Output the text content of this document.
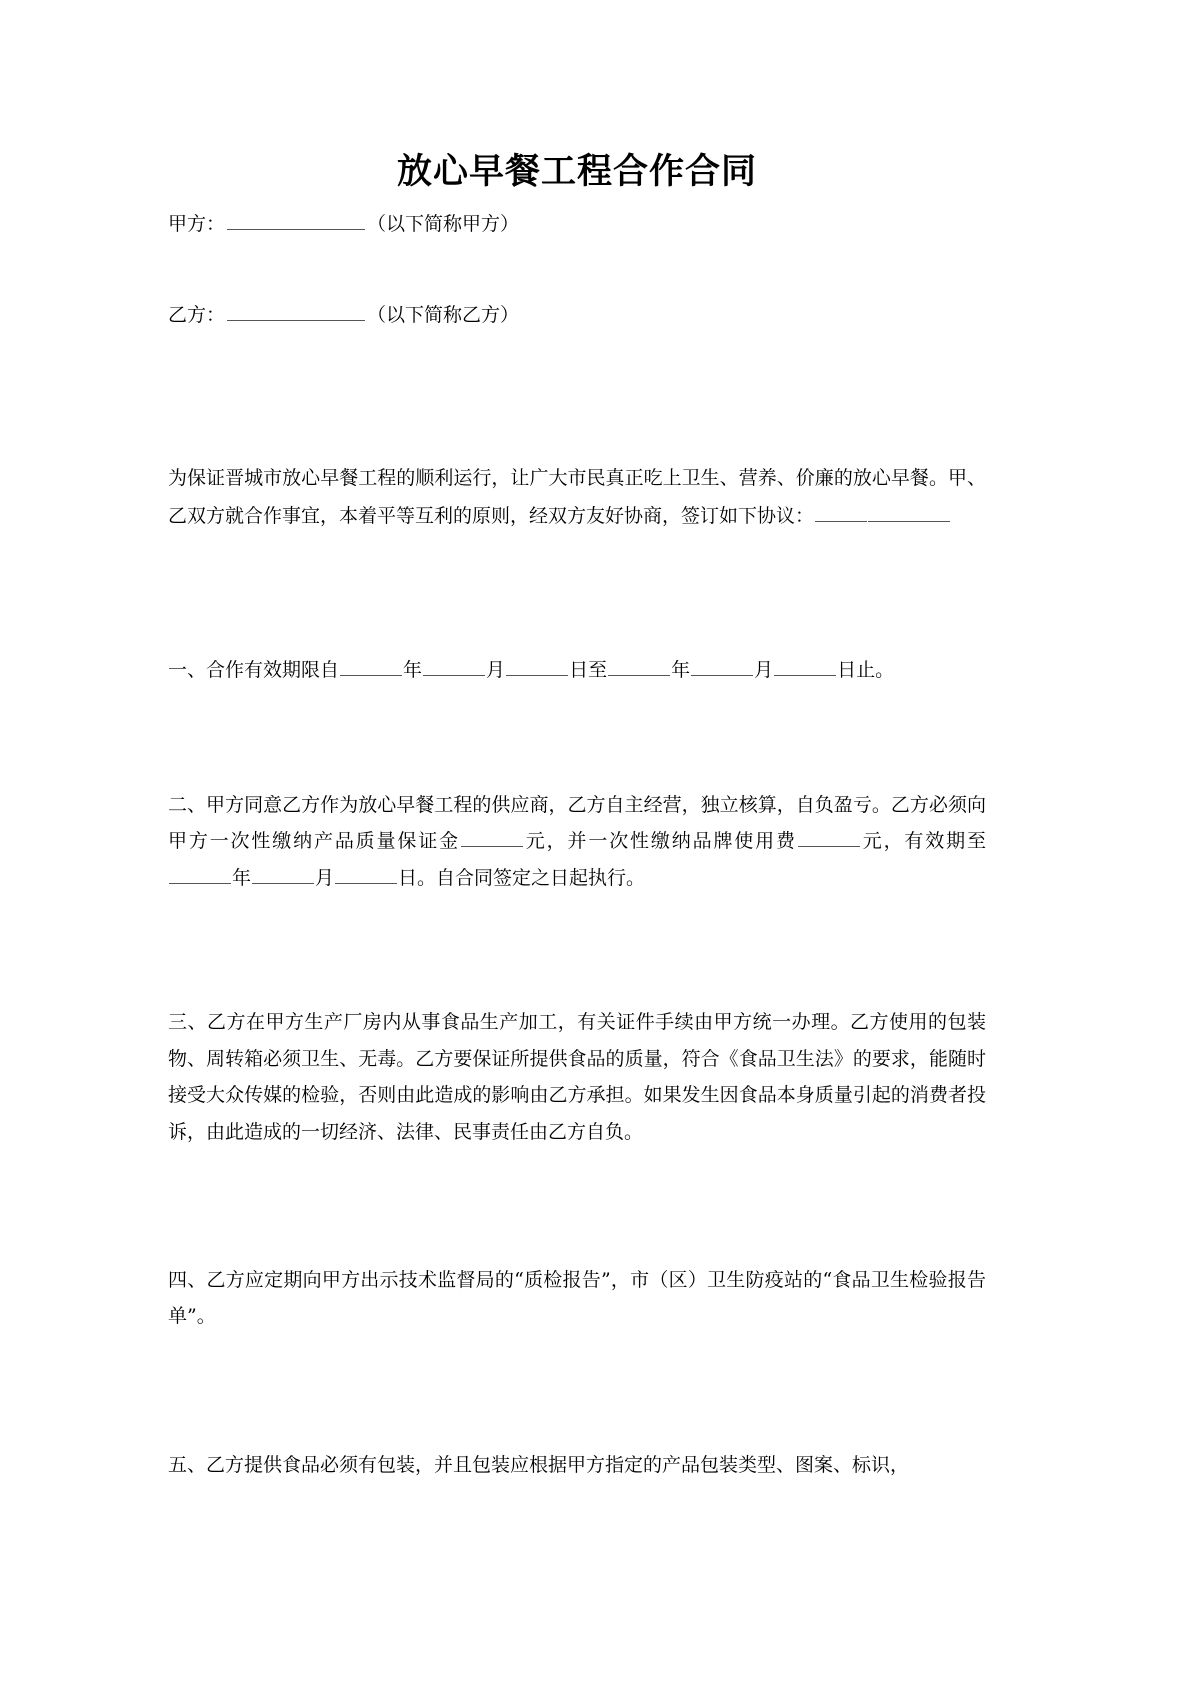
放心早餐工程合作合同

甲方：	（以下简称甲方）

乙方：	（以下简称乙方）

为保证晋城市放心早餐工程的顺利运行，让广大市民真正吃上卫生、营养、价廉的放心早餐。甲、乙双方就合作事宜，本着平等互利的原则，经双方友好协商，签订如下协议：

一、合作有效期限自	年	月	日至	年	月	日止。

二、甲方同意乙方作为放心早餐工程的供应商，乙方自主经营，独立核算，自负盈亏。乙方必须向甲方一次性缴纳产品质量保证金	元，并一次性缴纳品牌使用费	元，有效期至年	月	日。自合同签定之日起执行。

三、乙方在甲方生产厂房内从事食品生产加工，有关证件手续由甲方统一办理。乙方使用的包装物、周转箱必须卫生、无毒。乙方要保证所提供食品的质量，符合《食品卫生法》的要求，能随时接受大众传媒的检验，否则由此造成的影响由乙方承担。如果发生因食品本身质量引起的消费者投诉，由此造成的一切经济、法律、民事责任由乙方自负。

四、乙方应定期向甲方出示技术监督局的“质检报告”，市（区）卫生防疫站的“食品卫生检验报告单”。

五、乙方提供食品必须有包装，并且包装应根据甲方指定的产品包装类型、图案、标识，
